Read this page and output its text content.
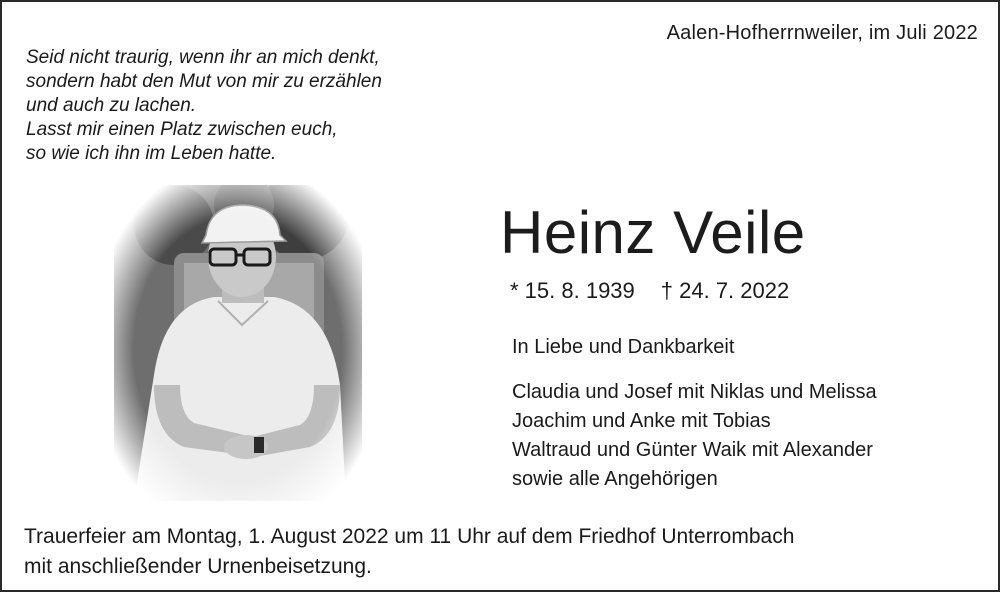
Aalen-Hofherrnweiler, im Juli 2022
Seid nicht traurig, wenn ihr an mich denkt,
sondern habt den Mut von mir zu erzählen
und auch zu lachen.
Lasst mir einen Platz zwischen euch,
so wie ich ihn im Leben hatte.
Heinz Veile
* 15. 8. 1939 † 24. 7. 2022
In Liebe und Dankbarkeit
Claudia und Josef mit Niklas und Melissa
Joachim und Anke mit Tobias
Waltraud und Günter Waik mit Alexander
sowie alle Angehörigen
Trauerfeier am Montag, 1. August 2022 um 11 Uhr auf dem Friedhof Unterrombach
mit anschließender Urnenbeisetzung.
